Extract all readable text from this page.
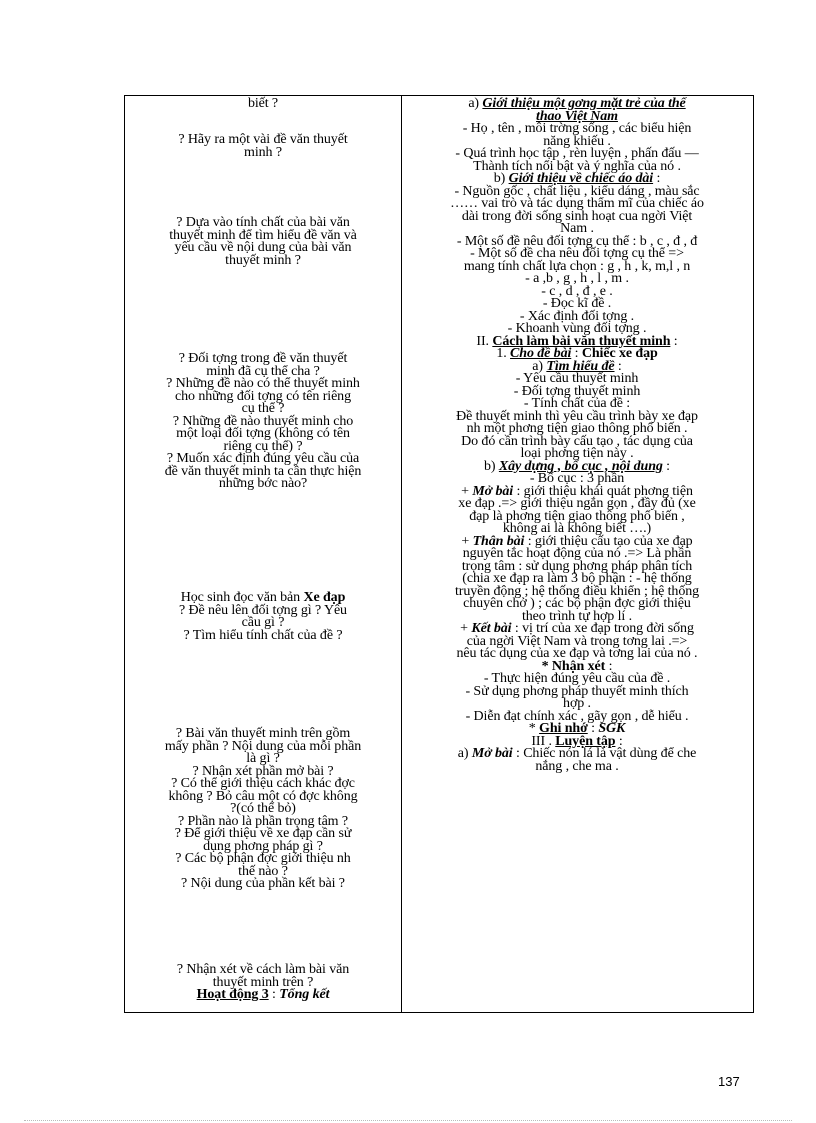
biết ?
? Hãy ra một vài đề văn thuyết
minh ?
? Dựa vào tính chất của bài văn
thuyết minh để tìm hiểu đề văn và
yêu cầu về nội dung của bài văn
thuyết minh ?
? Đối tợng trong đề văn thuyết
minh đã cụ thể cha ?
? Những đề nào có thể thuyết minh
cho những đối tợng có tên riêng
cụ thể ?
? Những đề nào thuyết minh cho
một loại đối tợng (không có tên
riêng cụ thể) ?
? Muốn xác định đúng yêu cầu của
đề văn thuyết minh ta cần thực hiện
những bớc nào?
Học sinh đọc văn bản Xe đạp
? Đề nêu lên đối tợng gì ? Yêu
cầu gì ?
? Tìm hiểu tính chất của đề ?
? Bài văn thuyết minh trên gồm
mấy phần ? Nội dung của mỗi phần
là gì ?
? Nhận xét phần mở bài ?
? Có thể giới thiệu cách khác đợc
không ? Bỏ câu một có đợc không
?(có thể bỏ)
? Phần nào là phần trọng tâm ?
? Để giới thiệu về xe đạp cần sử
dụng phơng pháp gì ?
? Các bộ phận đợc giới thiệu nh
thế nào ?
? Nội dung của phần kết bài ?
? Nhận xét về cách làm bài văn
thuyết minh trên ?
Hoạt động 3 : Tổng kết
a) Giới thiệu một gơng mặt trẻ của thể
thao Việt Nam
- Họ , tên , môi trờng sống , các biểu hiện
năng khiếu .
- Quá trình học tập , rèn luyện , phấn đấu —
Thành tích nổi bật và ý nghĩa của nó .
b) Giới thiệu về chiếc áo dài :
- Nguồn gốc , chất liệu , kiểu dáng , màu sắc
…… vai trò và tác dụng thẩm mĩ của chiếc áo
dài trong đời sống sinh hoạt cua ngời Việt
Nam .
- Một số đề nêu đối tợng cụ thể : b , c , đ , đ
- Một số đề cha nêu đối tợng cụ thể =>
mang tính chất lựa chọn : g , h , k, m,l , n
- a ,b , g , h , l , m .
- c , d , đ , e .
- Đọc kĩ đề .
- Xác định đối tợng .
- Khoanh vùng đối tợng .
II. Cách làm bài văn thuyết minh :
1. Cho đề bài : Chiếc xe đạp
a) Tìm hiểu đề :
- Yêu cầu thuyết minh
- Đối tợng thuyết minh
- Tính chất của đề :
Đề thuyết minh thì yêu cầu trình bày xe đạp
nh một phơng tiện giao thông phổ biến .
Do đó cần trình bày cấu tạo , tác dụng của
loại phơng tiện này .
b) Xây dựng , bố cục , nội dung :
- Bố cục : 3 phần
+ Mở bài : giới thiệu khái quát phơng tiện
xe đạp .=> giới thiệu ngắn gọn , đầy đủ (xe
đạp là phơng tiện giao thông phổ biến ,
không ai là không biết ….)
+ Thân bài : giới thiệu cấu tạo của xe đạp
nguyên tắc hoạt động của nó .=> Là phần
trọng tâm : sử dụng phơng pháp phân tích
(chia xe đạp ra làm 3 bộ phận : - hệ thống
truyền động ; hệ thống điều khiển ; hệ thống
chuyên chở ) ; các bộ phận đợc giới thiệu
theo trình tự hợp lí .
+ Kết bài : vị trí của xe đạp trong đời sống
của ngời Việt Nam và trong tơng lai .=>
nêu tác dụng của xe đạp và tơng lai của nó .
* Nhận xét :
- Thực hiện đúng yêu cầu của đề .
- Sử dụng phơng pháp thuyết minh thích
hợp .
- Diễn đạt chính xác , gãy gọn , dễ hiểu .
* Ghi nhớ : SGK
III . Luyện tập :
a) Mở bài : Chiếc nón lá là vật dùng để che
nắng , che ma .
137
